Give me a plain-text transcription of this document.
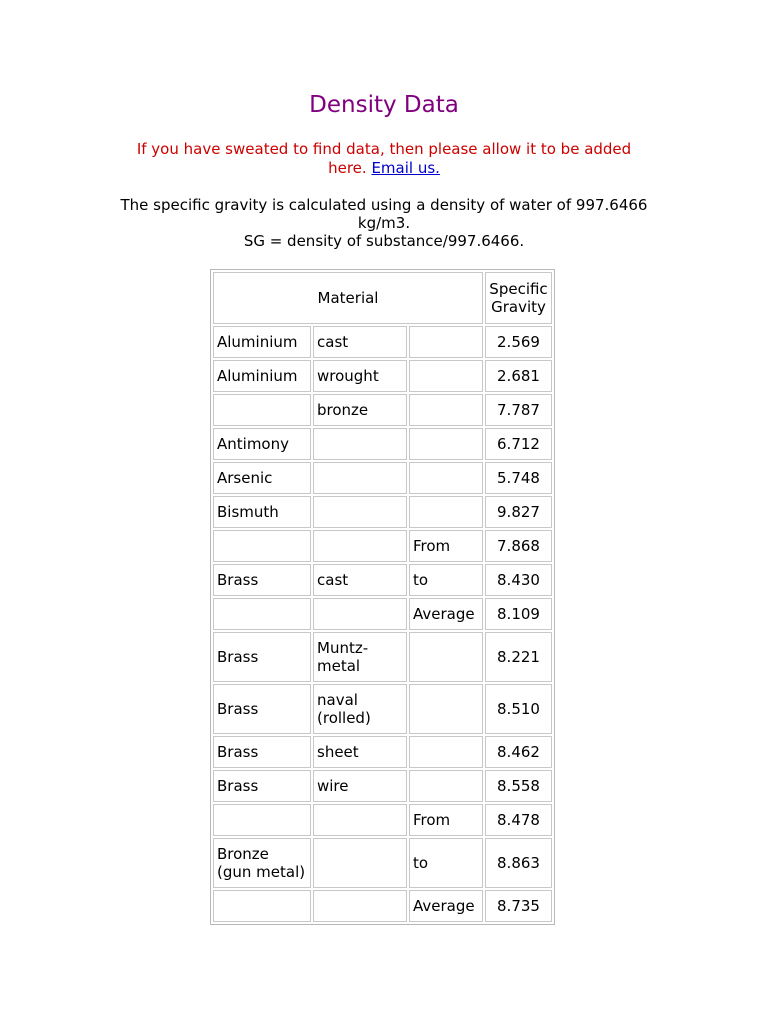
Density Data

If you have sweated to find data, then please allow it to be added here. Email us.

The specific gravity is calculated using a density of water of 997.6466 kg/m3.
SG = density of substance/997.6466.

Material			Specific
Gravity
Aluminium	cast		2.569
Aluminium	wrought		2.681
	bronze		7.787
Antimony			6.712
Arsenic			5.748
Bismuth			9.827
		From	7.868
Brass	cast	to	8.430
		Average	8.109
Brass	Muntz-metal		8.221
Brass	naval (rolled)		8.510
Brass	sheet		8.462
Brass	wire		8.558
		From	8.478
Bronze (gun metal)		to	8.863
		Average	8.735
